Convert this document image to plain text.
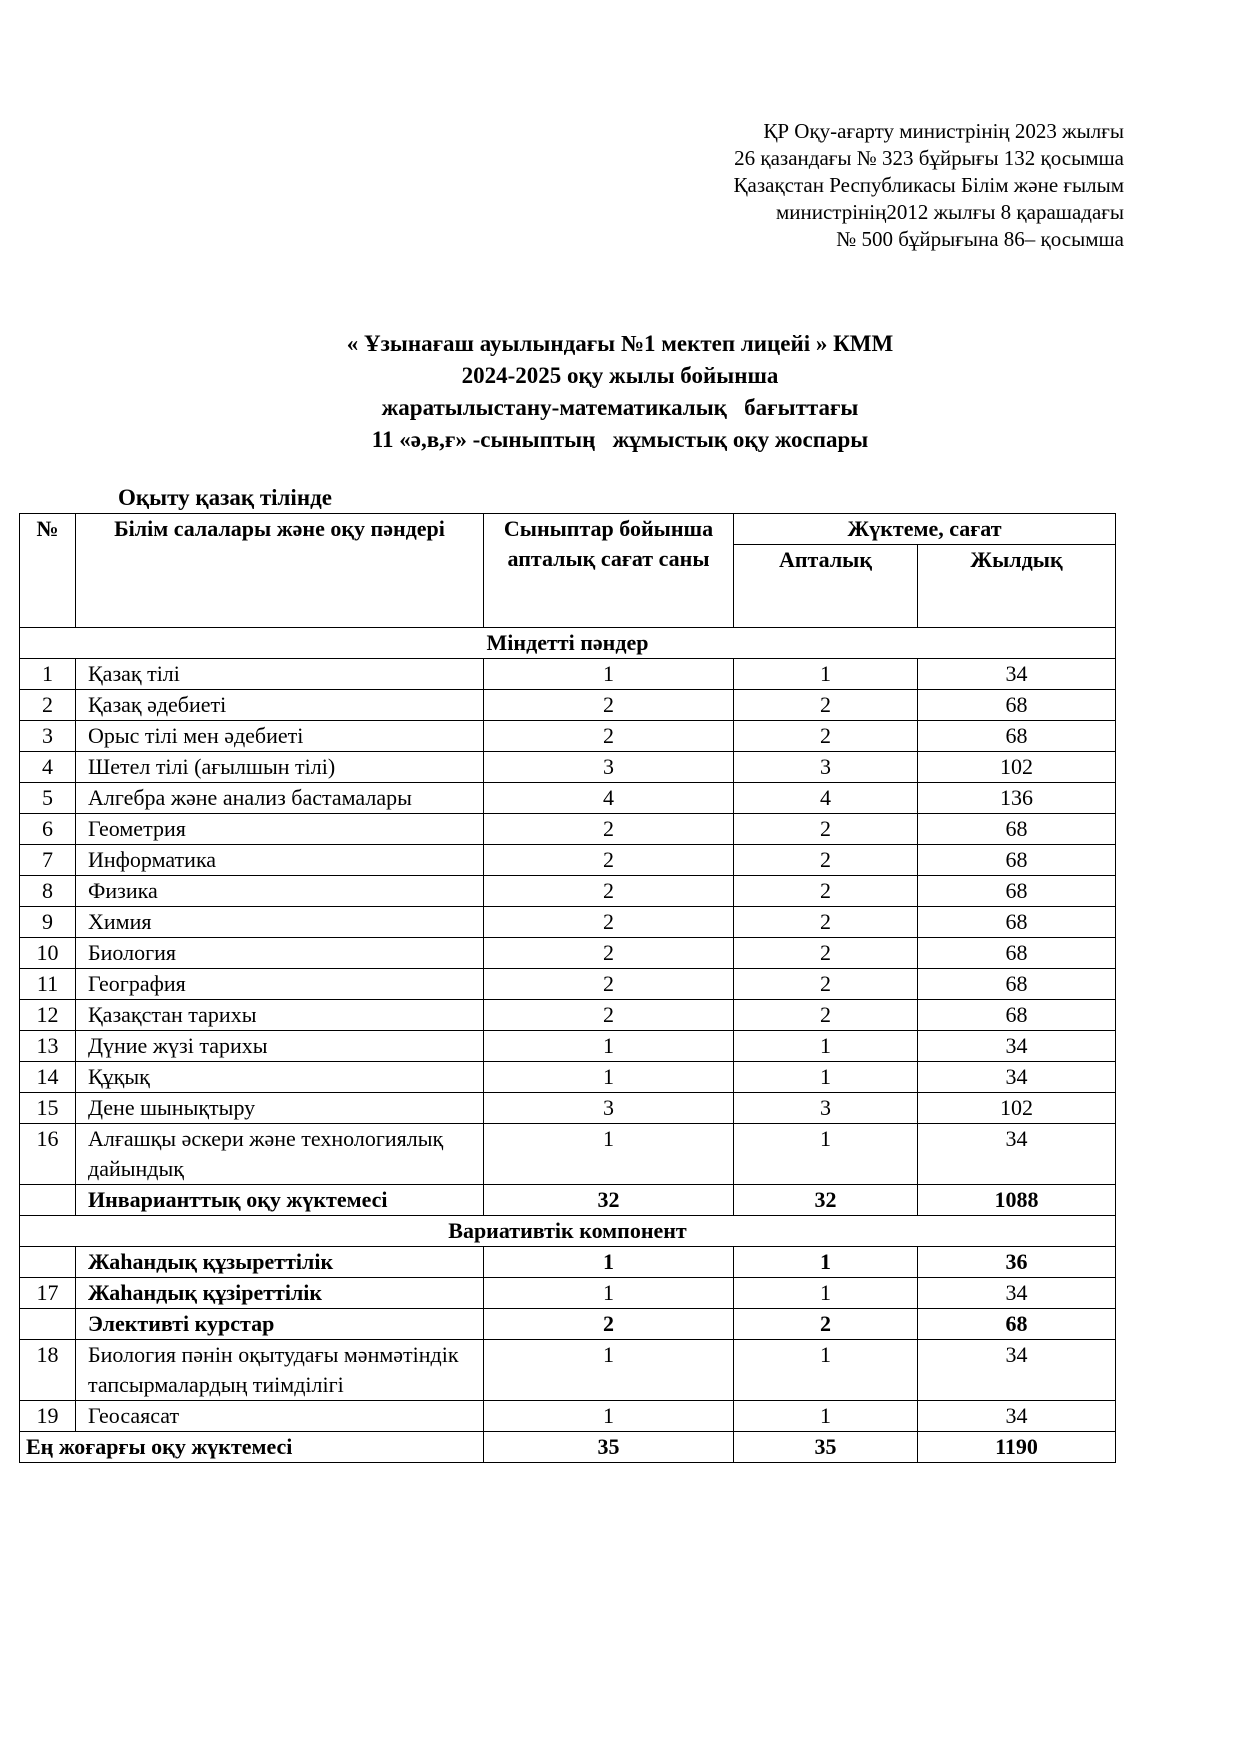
ҚР Оқу-ағарту министрінің 2023 жылғы
26 қазандағы № 323 бұйрығы 132 қосымша
Қазақстан Республикасы Білім және ғылым
министрінің2012 жылғы 8 қарашадағы
№ 500 бұйрығына 86– қосымша
« Ұзынағаш ауылындағы №1 мектеп лицейі » КММ
2024-2025 оқу жылы бойынша
жаратылыстану-математикалық   бағыттағы
11 «ә,в,ғ» -сыныптың   жұмыстық оқу жоспары
Оқыту қазақ тілінде
№	Білім салалары және оқу пәндері	Сыныптар бойынша апталық сағат саны	Жүктеме, сағат	
			Апталық	Жылдық
Міндетті пәндер				
1	Қазақ тілі	1	1	34
2	Қазақ әдебиеті	2	2	68
3	Орыс тілі мен әдебиеті	2	2	68
4	Шетел тілі (ағылшын тілі)	3	3	102
5	Алгебра және анализ бастамалары	4	4	136
6	Геометрия	2	2	68
7	Информатика	2	2	68
8	Физика	2	2	68
9	Химия	2	2	68
10	Биология	2	2	68
11	География	2	2	68
12	Қазақстан тарихы	2	2	68
13	Дүние жүзі тарихы	1	1	34
14	Құқық	1	1	34
15	Дене шынықтыру	3	3	102
16	Алғашқы әскери және технологиялық дайындық	1	1	34
	Инварианттық оқу жүктемесі	32	32	1088
Вариативтік компонент				
	Жаһандық құзыреттілік	1	1	36
17	Жаһандық құзіреттілік	1	1	34
	Элективті курстар	2	2	68
18	Биология пәнін оқытудағы мәнмәтіндік тапсырмалардың тиімділігі	1	1	34
19	Геосаясат	1	1	34
Ең жоғарғы оқу жүктемесі		35	35	1190
